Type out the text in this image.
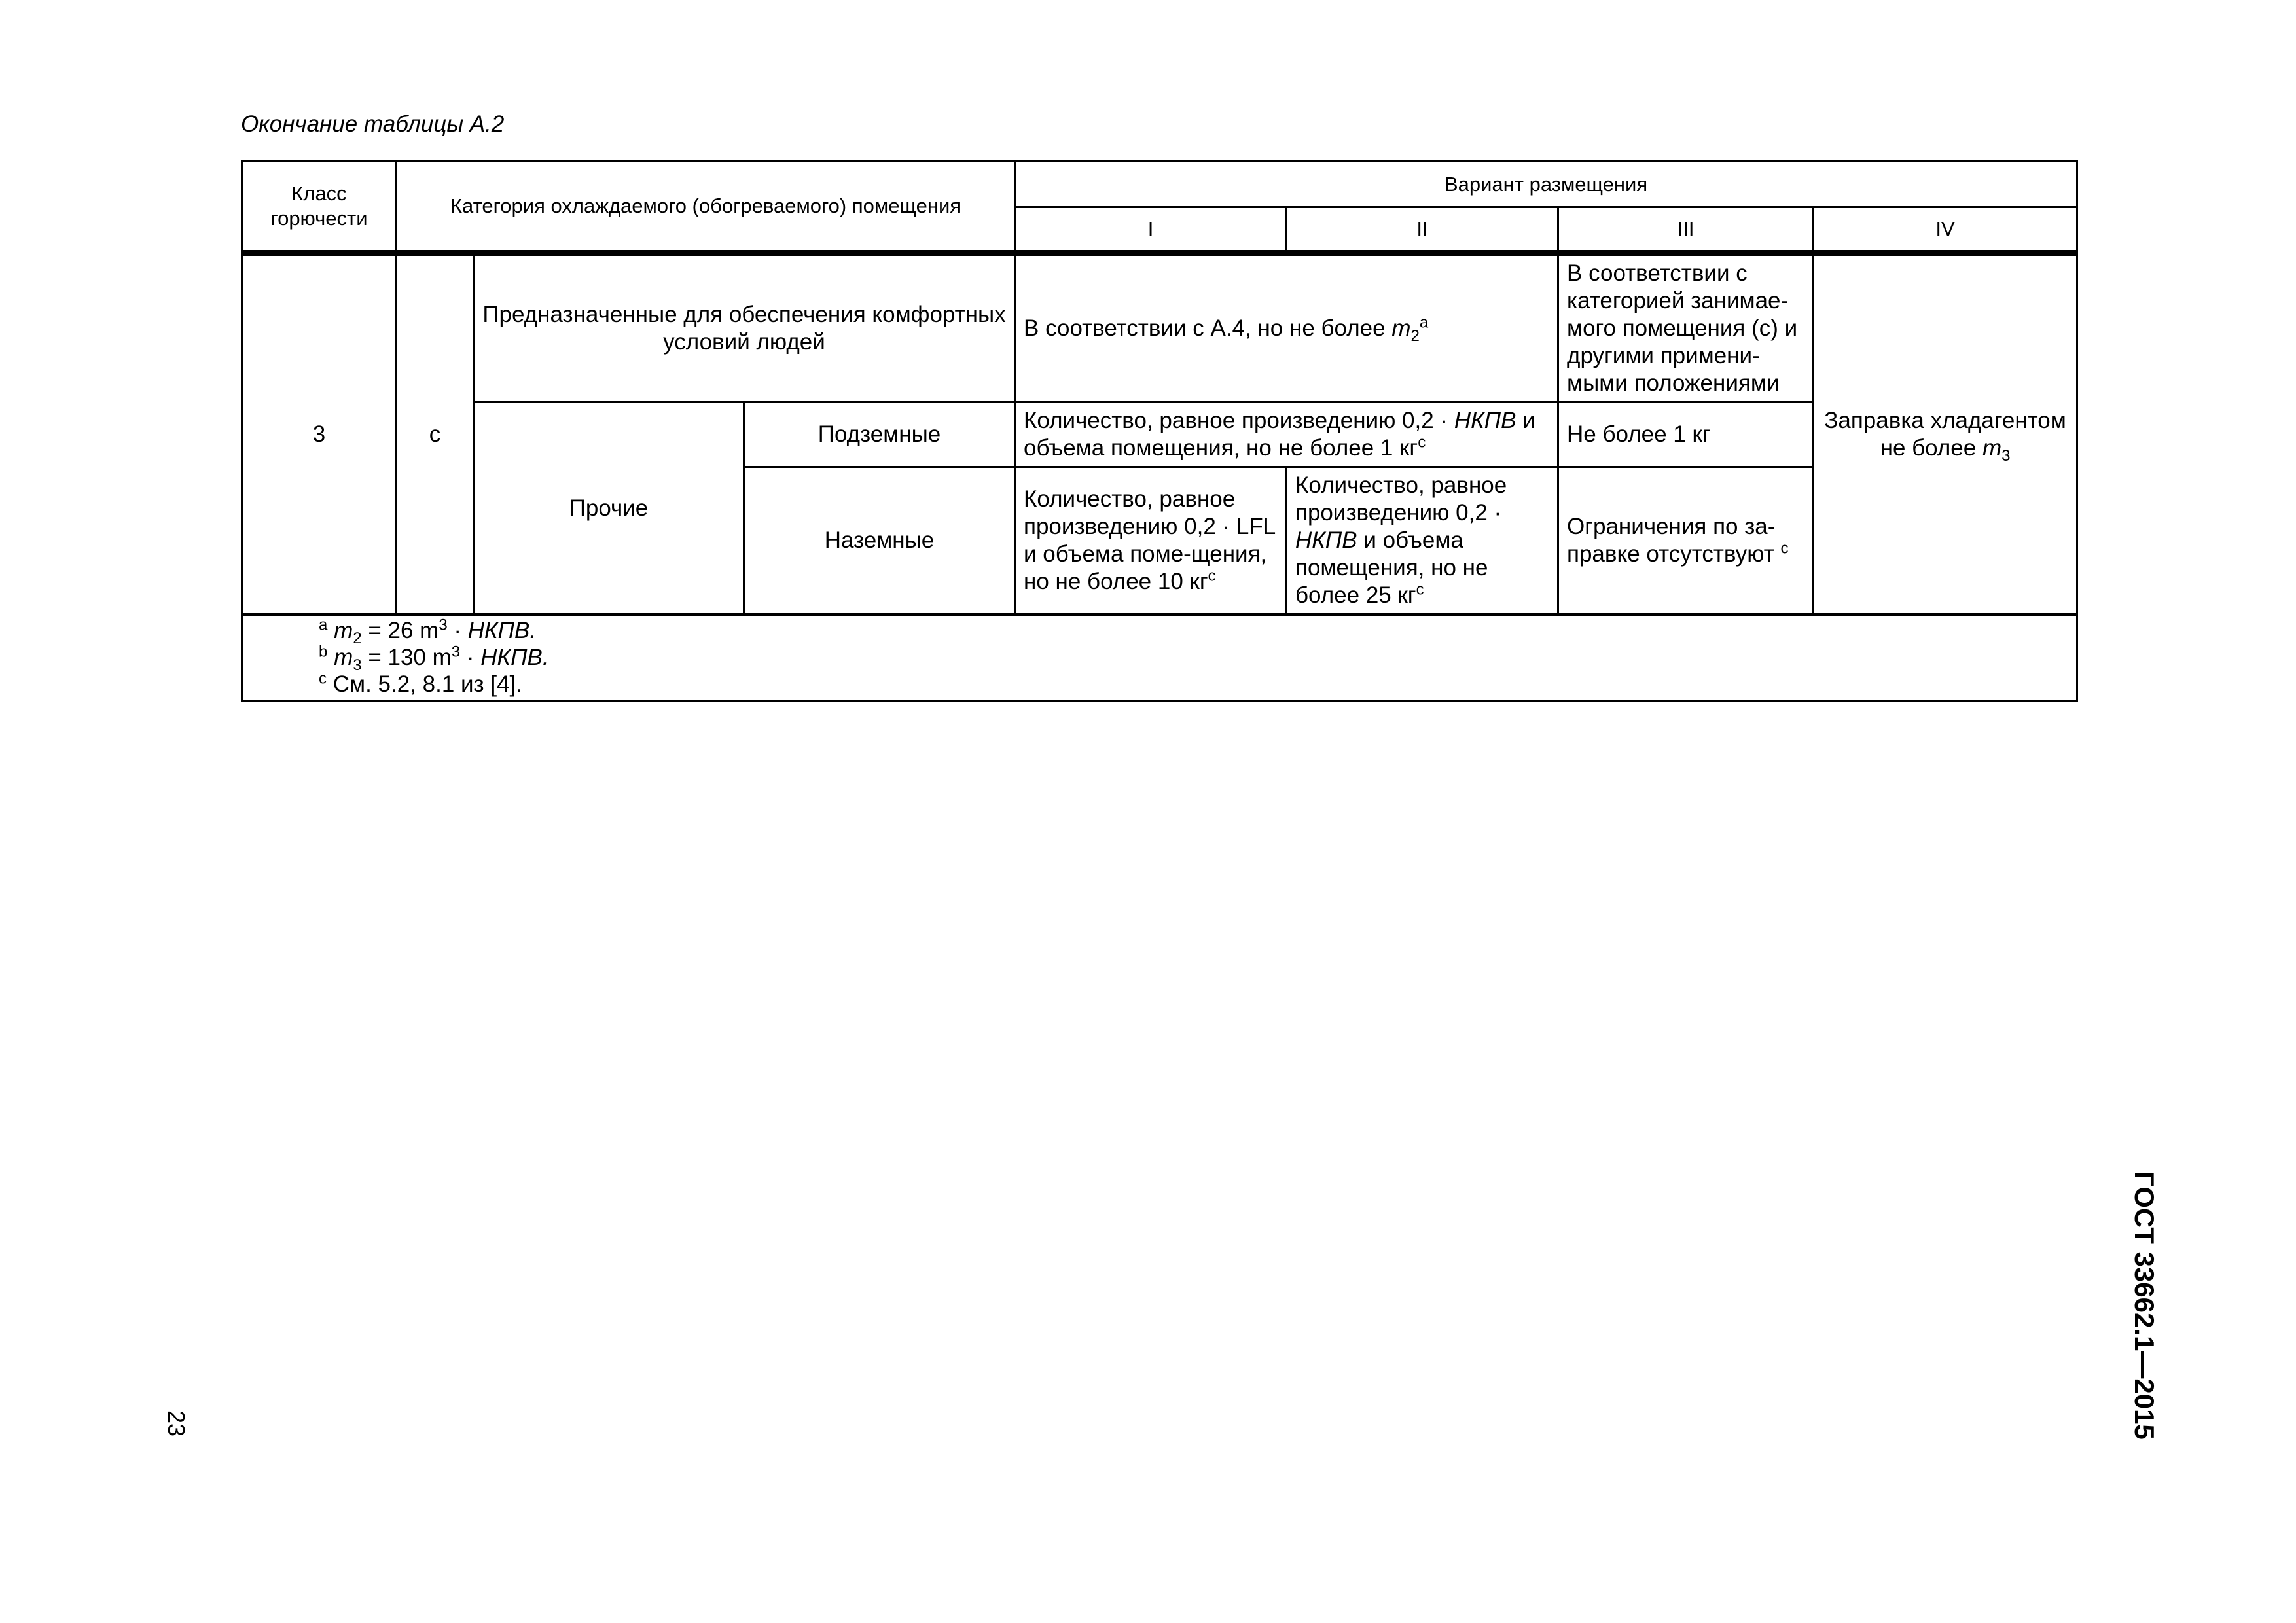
Окончание таблицы А.2
Класс горючести	Категория охлаждаемого (обогреваемого) помещения			Вариант размещения			
				I	II	III	IV
3	с	Предназначенные для обеспечения комфортных условий людей		В соответствии с А.4, но не более $m_2^a$		В соответствии с категорией занимае-мого помещения (с) и другими примени-мыми положениями	Заправка хладагентом не более $m_3$
		Прочие	Подземные	Количество, равное произведению 0,2 · НКПВ и объема помещения, но не более 1 $кг^c$		Не более 1 кг	
			Наземные	Количество, равное произведению 0,2 · LFL и объема поме-щения, но не более 10 $кг^c$	Количество, равное произведению 0,2 · НКПВ и объема помещения, но не более 25 $кг^c$	Ограничения по за-правке отсутствуют $^c$

$^a$ $m_2 = 26$ $m^3$ · НКПВ.
$^b$ $m_3 = 130$ $m^3$ · НКПВ.
$^c$ См. 5.2, 8.1 из [4].							
23	ГОСТ 33662.1—2015
